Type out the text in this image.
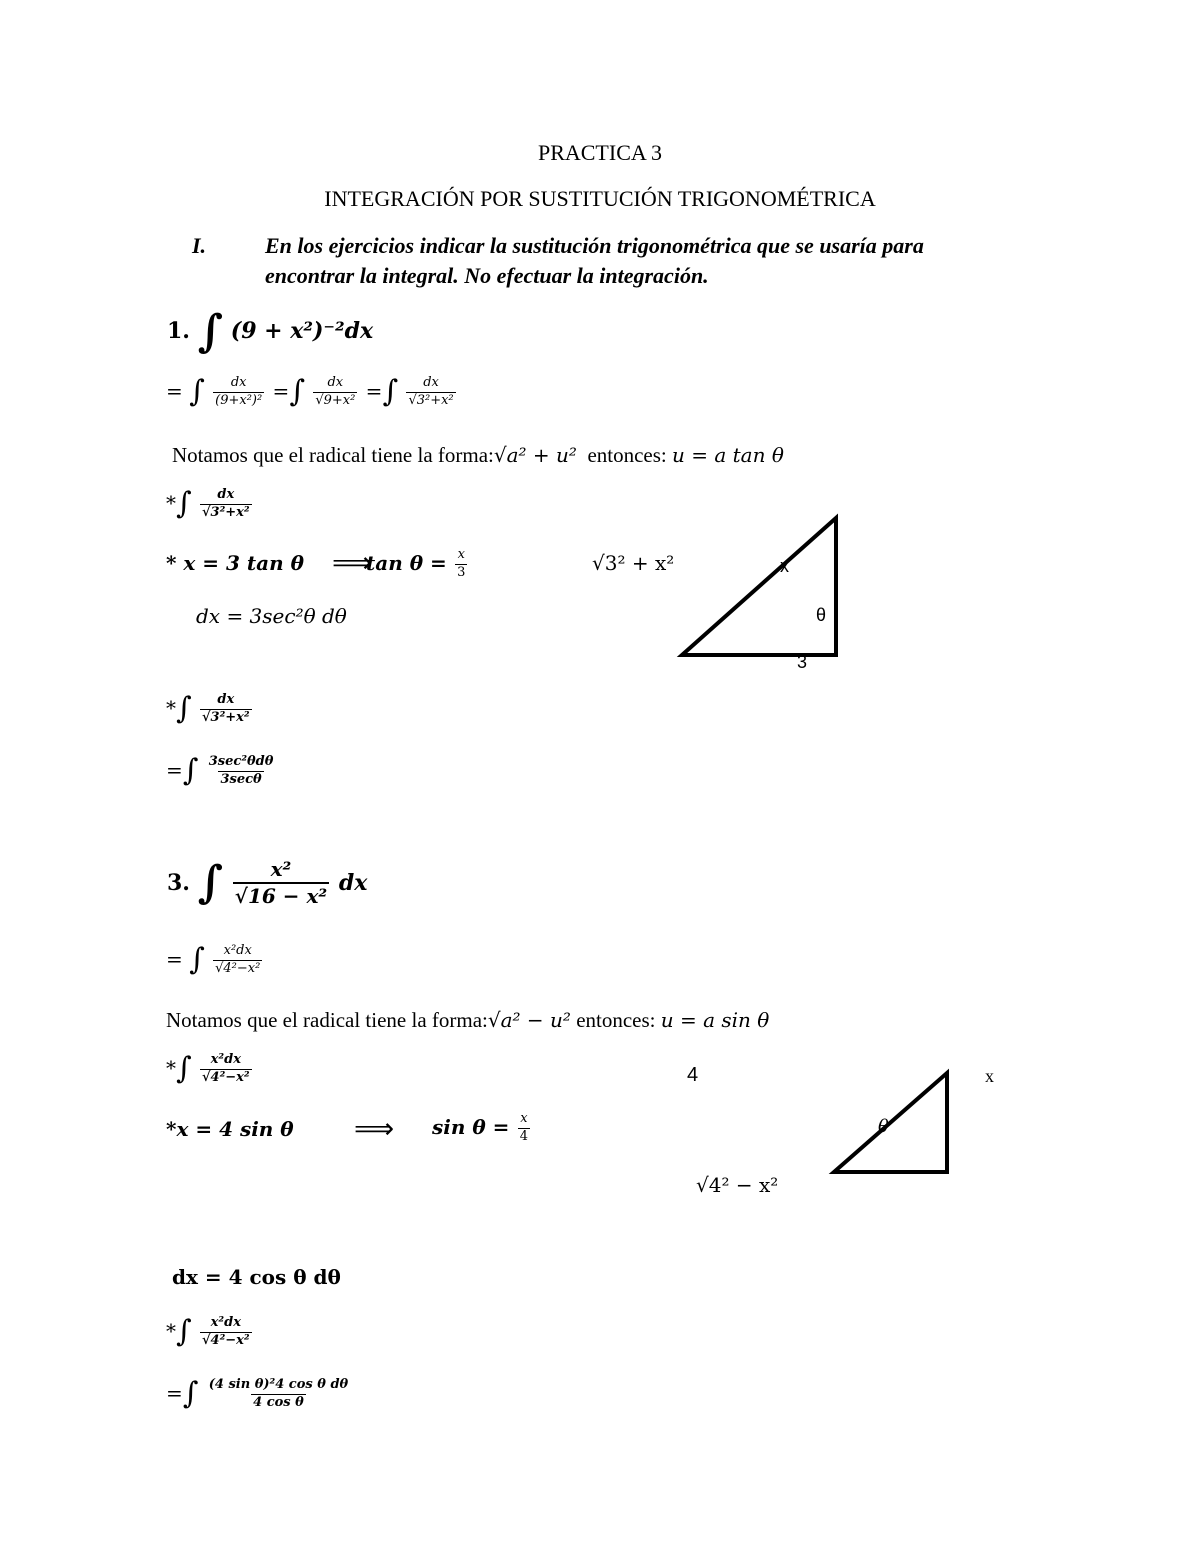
PRACTICA 3
INTEGRACIÓN POR SUSTITUCIÓN TRIGONOMÉTRICA
I.	En los ejercicios indicar la sustitución trigonométrica que se usaría para
encontrar la integral. No efectuar la integración.
1. ∫ (9 + x²)⁻²dx
= ∫ $\frac{dx}{\text{(9+x²)²}}$ =∫ $\frac{dx}{\text{√9+x²}}$ =∫ $\frac{dx}{\text{√3²+x²}}$
Notamos que el radical tiene la forma:√a² + u² entonces: u = a tan θ
*∫ $\frac{dx}{\text{√3²+x²}}$
* x = 3 tan θ ⟹
$\tan \theta = \frac{x}{3}$	√3² + x²
dx = 3sec²θ dθ
x
θ
3
*∫ $\frac{dx}{\text{√3²+x²}}$
=∫ $\frac{\text{3sec²θdθ}}{3\sec\theta}$
3. ∫ $\frac{\text{x²}}{\text{√16 − x²}}$ dx
= ∫ $\frac{\text{x²dx}}{\text{√4²−x²}}$
Notamos que el radical tiene la forma:√a² − u² entonces: u = a sin θ
*∫ $\frac{\text{x²dx}}{\text{√4²−x²}}$
*x = 4 sin θ ⟹ $\sin \theta = \frac{x}{4}$
4	x
θ
√4² − x²
dx = 4 cos θ dθ
*∫ $\frac{\text{x²dx}}{\text{√4²−x²}}$
=∫ $\frac{\text{(4 sin θ)²4 cos θ dθ}}{\text{4 cos θ}}$
